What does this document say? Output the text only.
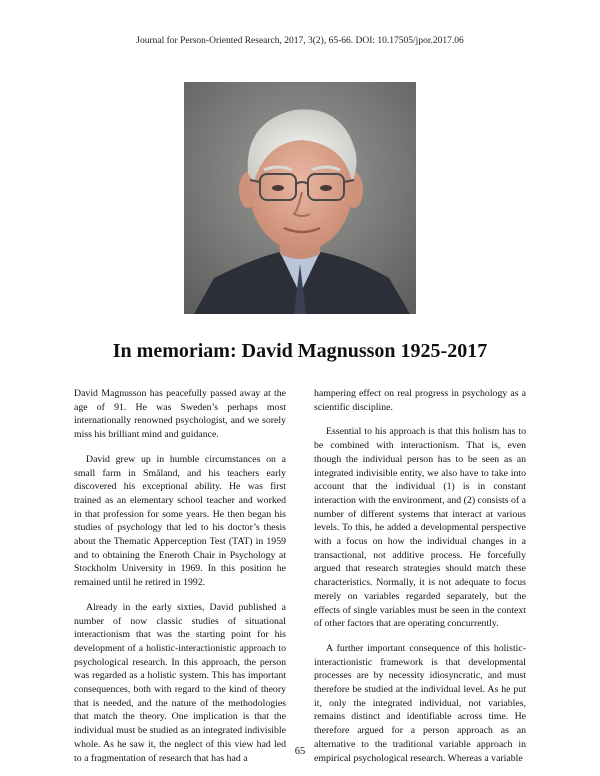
Journal for Person-Oriented Research, 2017, 3(2), 65-66. DOI: 10.17505/jpor.2017.06
In memoriam: David Magnusson 1925-2017

David Magnusson has peacefully passed away at the age of 91. He was Sweden’s perhaps most internationally renowned psychologist, and we sorely miss his brilliant mind and guidance.

David grew up in humble circumstances on a small farm in Småland, and his teachers early discovered his exceptional ability. He was first trained as an elementary school teacher and worked in that profession for some years. He then began his studies of psychology that led to his doctor’s thesis about the Thematic Apperception Test (TAT) in 1959 and to obtaining the Eneroth Chair in Psychology at Stockholm University in 1969. In this position he remained until he retired in 1992.

Already in the early sixties, David published a number of now classic studies of situational interactionism that was the starting point for his development of a holistic-interactionistic approach to psychological research. In this approach, the person was regarded as a holistic system. This has important consequences, both with regard to the kind of theory that is needed, and the nature of the methodologies that match the theory. One implication is that the individual must be studied as an integrated indivisible whole. As he saw it, the neglect of this view had led to a fragmentation of research that has had a

hampering effect on real progress in psychology as a scientific discipline.

Essential to his approach is that this holism has to be combined with interactionism. That is, even though the individual person has to be seen as an integrated indivisible entity, we also have to take into account that the individual (1) is in constant interaction with the environment, and (2) consists of a number of different systems that interact at various levels. To this, he added a developmental perspective with a focus on how the individual changes in a transactional, not additive process. He forcefully argued that research strategies should match these characteristics. Normally, it is not adequate to focus merely on variables regarded separately, but the effects of single variables must be seen in the context of other factors that are operating concurrently.

A further important consequence of this holistic-interactionistic framework is that developmental processes are by necessity idiosyncratic, and must therefore be studied at the individual level. As he put it, only the integrated individual, not variables, remains distinct and identifiable across time. He therefore argued for a person approach as an alternative to the traditional variable approach in empirical psychological research. Whereas a variable

65
